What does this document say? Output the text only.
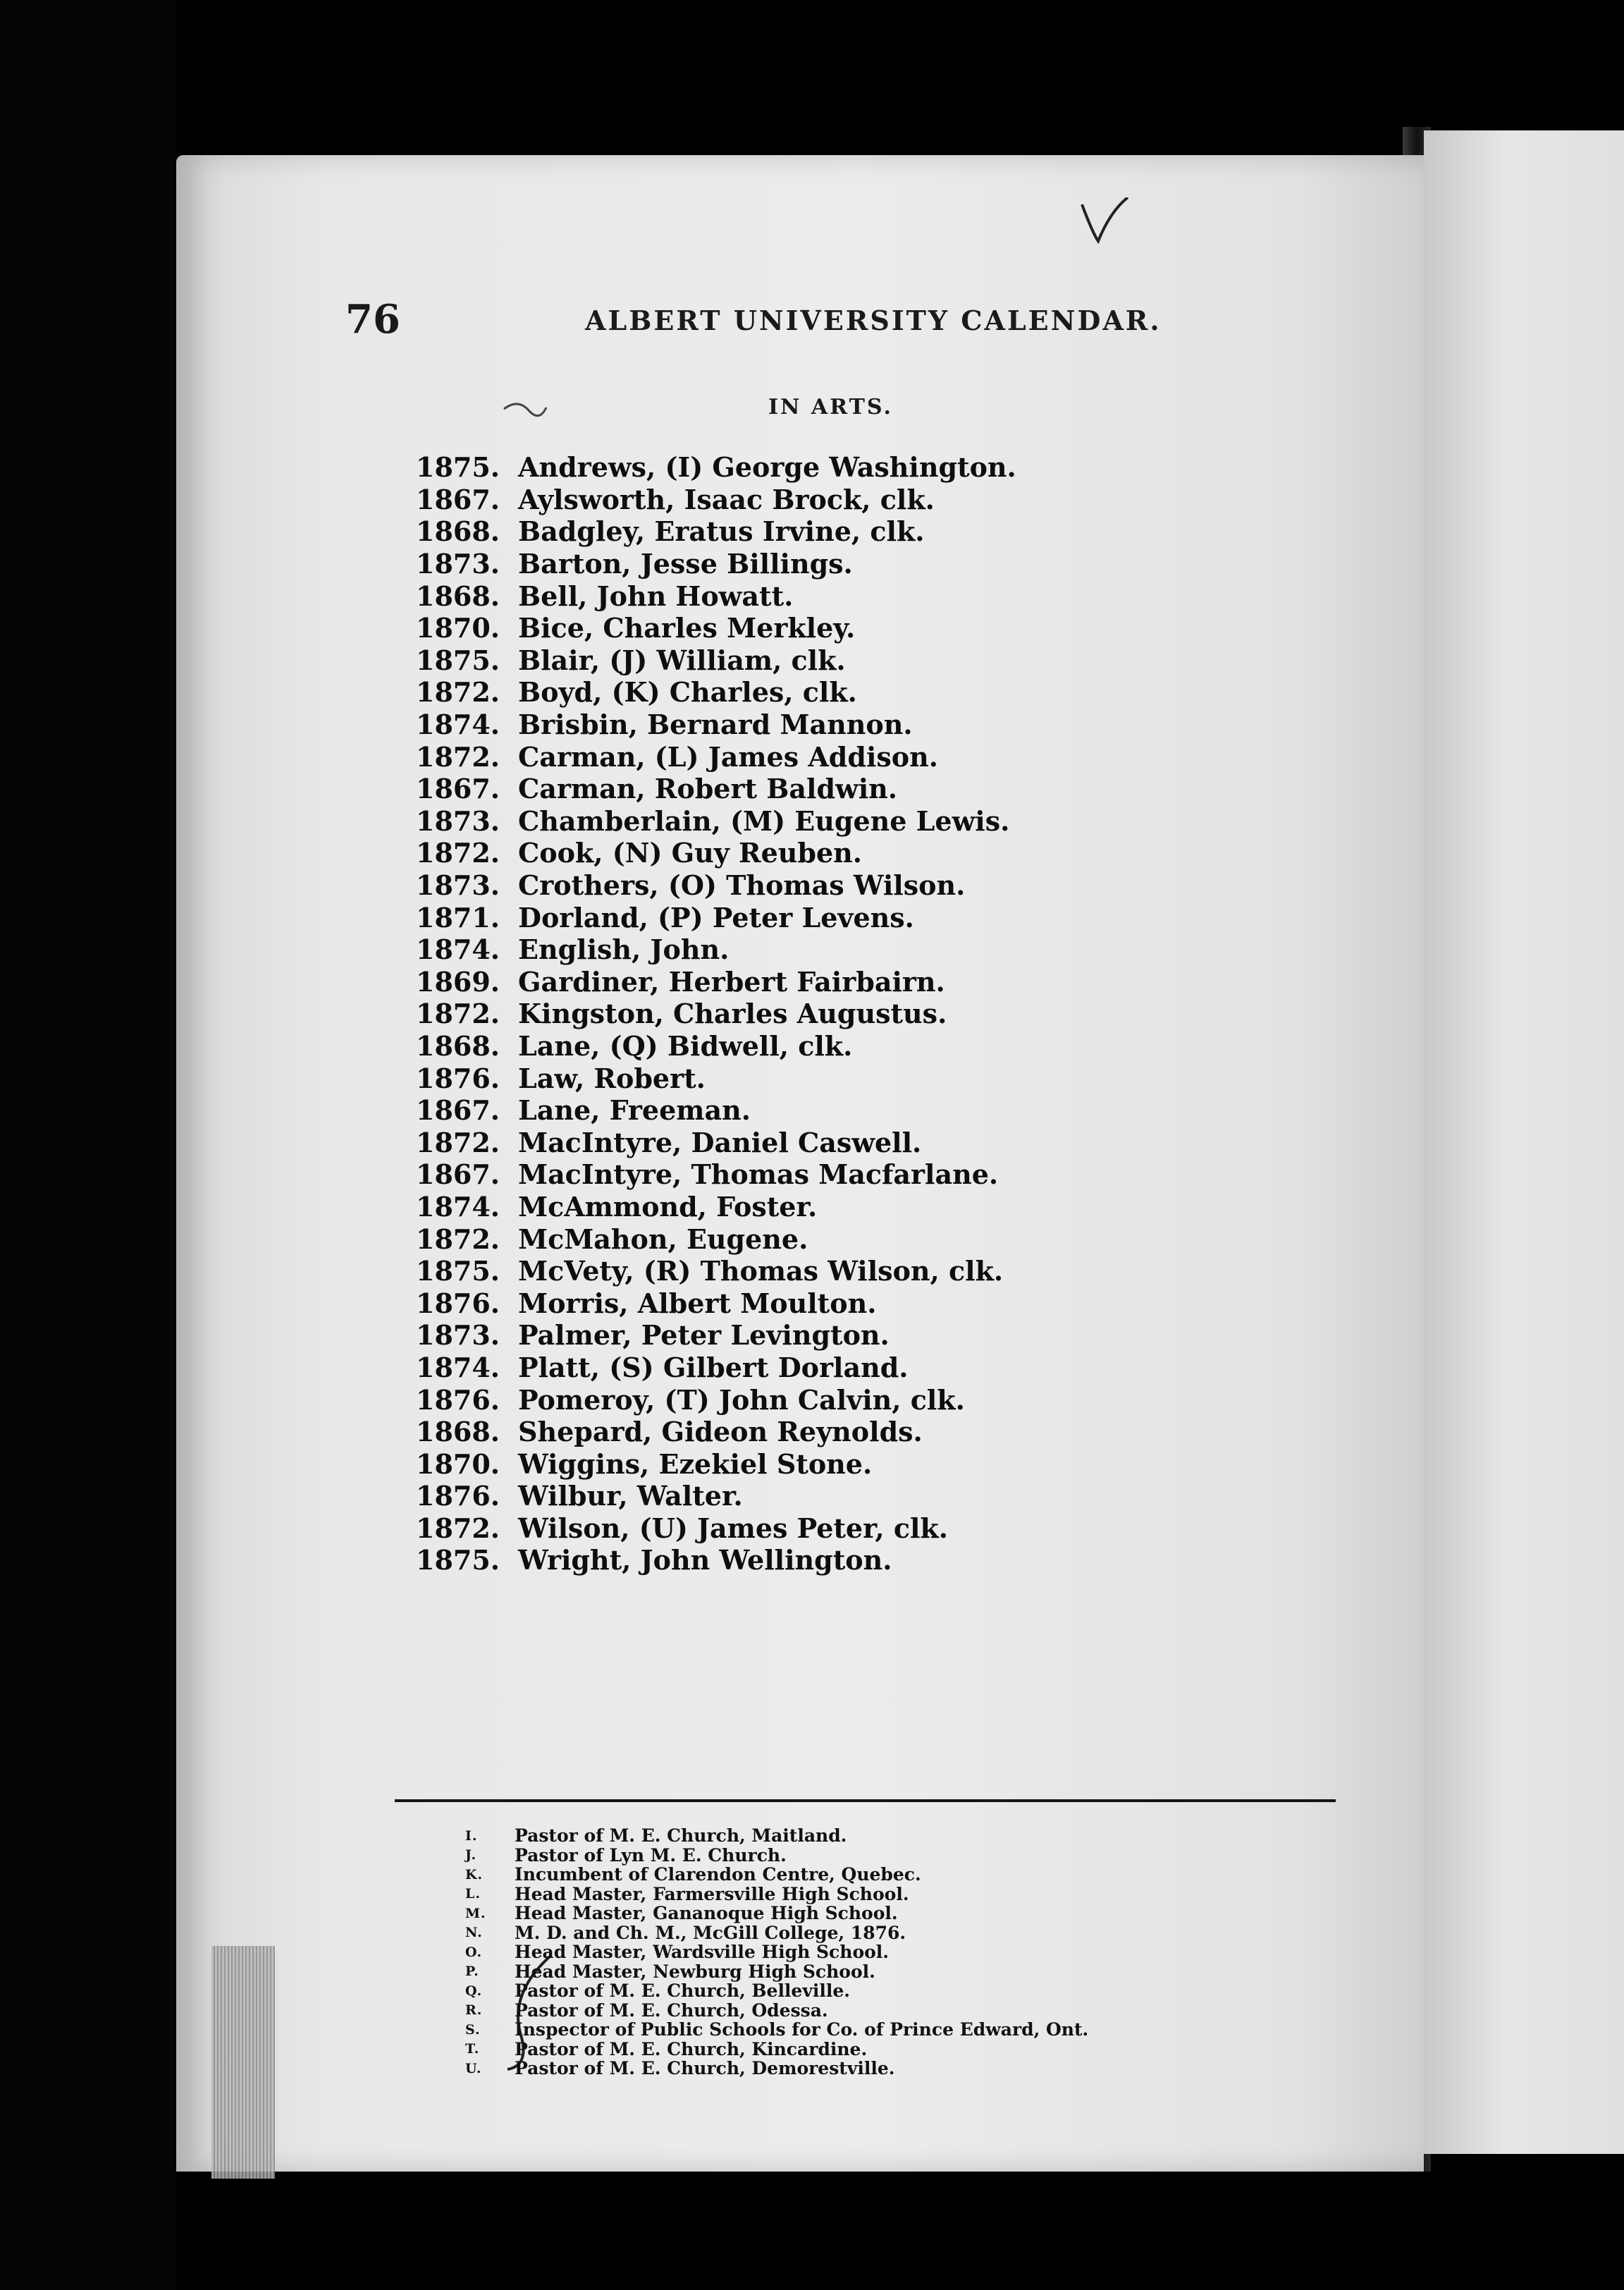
76	ALBERT UNIVERSITY CALENDAR.
IN ARTS.
1875. Andrews, (I) George Washington.
1867. Aylsworth, Isaac Brock, clk.
1868. Badgley, Eratus Irvine, clk.
1873. Barton, Jesse Billings.
1868. Bell, John Howatt.
1870. Bice, Charles Merkley.
1875. Blair, (J) William, clk.
1872. Boyd, (K) Charles, clk.
1874. Brisbin, Bernard Mannon.
1872. Carman, (L) James Addison.
1867. Carman, Robert Baldwin.
1873. Chamberlain, (M) Eugene Lewis.
1872. Cook, (N) Guy Reuben.
1873. Crothers, (O) Thomas Wilson.
1871. Dorland, (P) Peter Levens.
1874. English, John.
1869. Gardiner, Herbert Fairbairn.
1872. Kingston, Charles Augustus.
1868. Lane, (Q) Bidwell, clk.
1876. Law, Robert.
1867. Lane, Freeman.
1872. MacIntyre, Daniel Caswell.
1867. MacIntyre, Thomas Macfarlane.
1874. McAmmond, Foster.
1872. McMahon, Eugene.
1875. McVety, (R) Thomas Wilson, clk.
1876. Morris, Albert Moulton.
1873. Palmer, Peter Levington.
1874. Platt, (S) Gilbert Dorland.
1876. Pomeroy, (T) John Calvin, clk.
1868. Shepard, Gideon Reynolds.
1870. Wiggins, Ezekiel Stone.
1876. Wilbur, Walter.
1872. Wilson, (U) James Peter, clk.
1875. Wright, John Wellington.
I.	Pastor of M. E. Church, Maitland.
J.	Pastor of Lyn M. E. Church.
K.	Incumbent of Clarendon Centre, Quebec.
L.	Head Master, Farmersville High School.
M.	Head Master, Gananoque High School.
N.	M. D. and Ch. M., McGill College, 1876.
O.	Head Master, Wardsville High School.
P.	Head Master, Newburg High School.
Q.	Pastor of M. E. Church, Belleville.
R.	Pastor of M. E. Church, Odessa.
S.	Inspector of Public Schools for Co. of Prince Edward, Ont.
T.	Pastor of M. E. Church, Kincardine.
U.	Pastor of M. E. Church, Demorestville.
